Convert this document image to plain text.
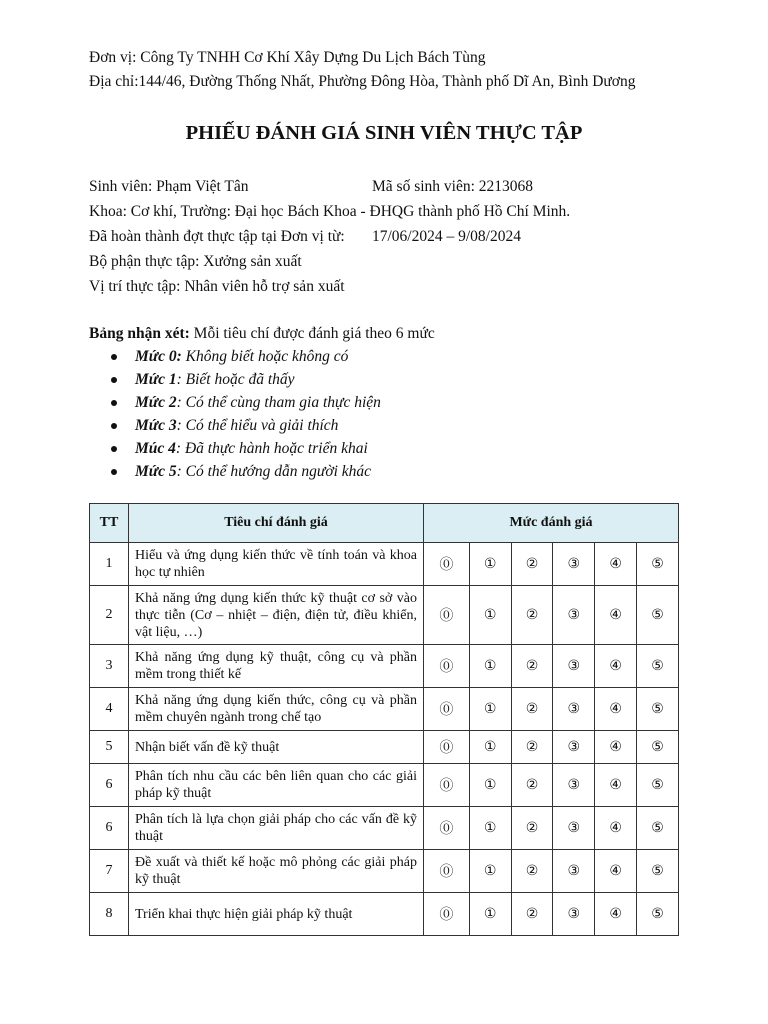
Đơn vị: Công Ty TNHH Cơ Khí Xây Dựng Du Lịch Bách Tùng
Địa chỉ:144/46, Đường Thống Nhất, Phường Đông Hòa, Thành phố Dĩ An, Bình Dương
PHIẾU ĐÁNH GIÁ SINH VIÊN THỰC TẬP
Sinh viên: Phạm Việt Tân	Mã số sinh viên: 2213068
Khoa: Cơ khí, Trường: Đại học Bách Khoa - ĐHQG thành phố Hồ Chí Minh.
Đã hoàn thành đợt thực tập tại Đơn vị từ:	17/06/2024 – 9/08/2024
Bộ phận thực tập: Xưởng sản xuất
Vị trí thực tập: Nhân viên hỗ trợ sản xuất
Bảng nhận xét: Mỗi tiêu chí được đánh giá theo 6 mức
Mức 0: Không biết hoặc không có
Mức 1: Biết hoặc đã thấy
Mức 2: Có thể cùng tham gia thực hiện
Mức 3: Có thể hiểu và giải thích
Múc 4: Đã thực hành hoặc triển khai
Mức 5: Có thể hướng dẫn người khác
TT	Tiêu chí đánh giá	Mức đánh giá					
1	Hiểu và ứng dụng kiến thức về tính toán và khoa học tự nhiên	⓪	①	②	③	④	⑤
2	Khả năng ứng dụng kiến thức kỹ thuật cơ sở vào thực tiễn (Cơ – nhiệt – điện, điện tử, điều khiển, vật liệu, …)	⓪	①	②	③	④	⑤
3	Khả năng ứng dụng kỹ thuật, công cụ và phần mềm trong thiết kế	⓪	①	②	③	④	⑤
4	Khả năng ứng dụng kiến thức, công cụ và phần mềm chuyên ngành trong chế tạo	⓪	①	②	③	④	⑤
5	Nhận biết vấn đề kỹ thuật	⓪	①	②	③	④	⑤
6	Phân tích nhu cầu các bên liên quan cho các giải pháp kỹ thuật	⓪	①	②	③	④	⑤
6	Phân tích là lựa chọn giải pháp cho các vấn đề kỹ thuật	⓪	①	②	③	④	⑤
7	Đề xuất và thiết kế hoặc mô phỏng các giải pháp kỹ thuật	⓪	①	②	③	④	⑤
8	Triển khai thực hiện giải pháp kỹ thuật	⓪	①	②	③	④	⑤
